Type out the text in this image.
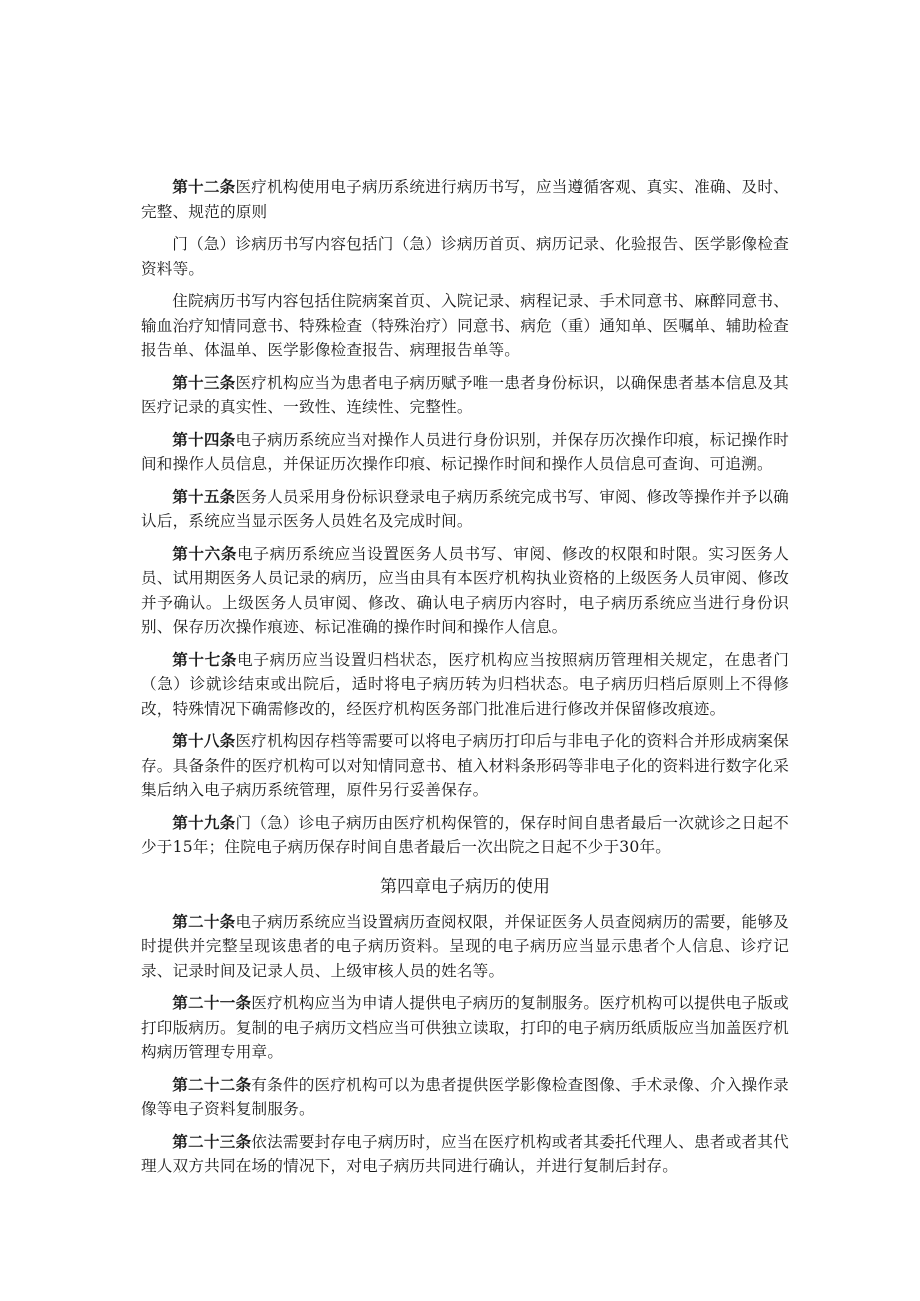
第十二条医疗机构使用电子病历系统进行病历书写，应当遵循客观、真实、准确、及时、完整、规范的原则

门（急）诊病历书写内容包括门（急）诊病历首页、病历记录、化验报告、医学影像检查资料等。

住院病历书写内容包括住院病案首页、入院记录、病程记录、手术同意书、麻醉同意书、输血治疗知情同意书、特殊检查（特殊治疗）同意书、病危（重）通知单、医嘱单、辅助检查报告单、体温单、医学影像检查报告、病理报告单等。

第十三条医疗机构应当为患者电子病历赋予唯一患者身份标识，以确保患者基本信息及其医疗记录的真实性、一致性、连续性、完整性。

第十四条电子病历系统应当对操作人员进行身份识别，并保存历次操作印痕，标记操作时间和操作人员信息，并保证历次操作印痕、标记操作时间和操作人员信息可查询、可追溯。

第十五条医务人员采用身份标识登录电子病历系统完成书写、审阅、修改等操作并予以确认后，系统应当显示医务人员姓名及完成时间。

第十六条电子病历系统应当设置医务人员书写、审阅、修改的权限和时限。实习医务人员、试用期医务人员记录的病历，应当由具有本医疗机构执业资格的上级医务人员审阅、修改并予确认。上级医务人员审阅、修改、确认电子病历内容时，电子病历系统应当进行身份识别、保存历次操作痕迹、标记准确的操作时间和操作人信息。

第十七条电子病历应当设置归档状态，医疗机构应当按照病历管理相关规定，在患者门（急）诊就诊结束或出院后，适时将电子病历转为归档状态。电子病历归档后原则上不得修改，特殊情况下确需修改的，经医疗机构医务部门批准后进行修改并保留修改痕迹。

第十八条医疗机构因存档等需要可以将电子病历打印后与非电子化的资料合并形成病案保存。具备条件的医疗机构可以对知情同意书、植入材料条形码等非电子化的资料进行数字化采集后纳入电子病历系统管理，原件另行妥善保存。

第十九条门（急）诊电子病历由医疗机构保管的，保存时间自患者最后一次就诊之日起不少于15年；住院电子病历保存时间自患者最后一次出院之日起不少于30年。

第四章电子病历的使用

第二十条电子病历系统应当设置病历查阅权限，并保证医务人员查阅病历的需要，能够及时提供并完整呈现该患者的电子病历资料。呈现的电子病历应当显示患者个人信息、诊疗记录、记录时间及记录人员、上级审核人员的姓名等。

第二十一条医疗机构应当为申请人提供电子病历的复制服务。医疗机构可以提供电子版或打印版病历。复制的电子病历文档应当可供独立读取，打印的电子病历纸质版应当加盖医疗机构病历管理专用章。

第二十二条有条件的医疗机构可以为患者提供医学影像检查图像、手术录像、介入操作录像等电子资料复制服务。

第二十三条依法需要封存电子病历时，应当在医疗机构或者其委托代理人、患者或者其代理人双方共同在场的情况下，对电子病历共同进行确认，并进行复制后封存。
